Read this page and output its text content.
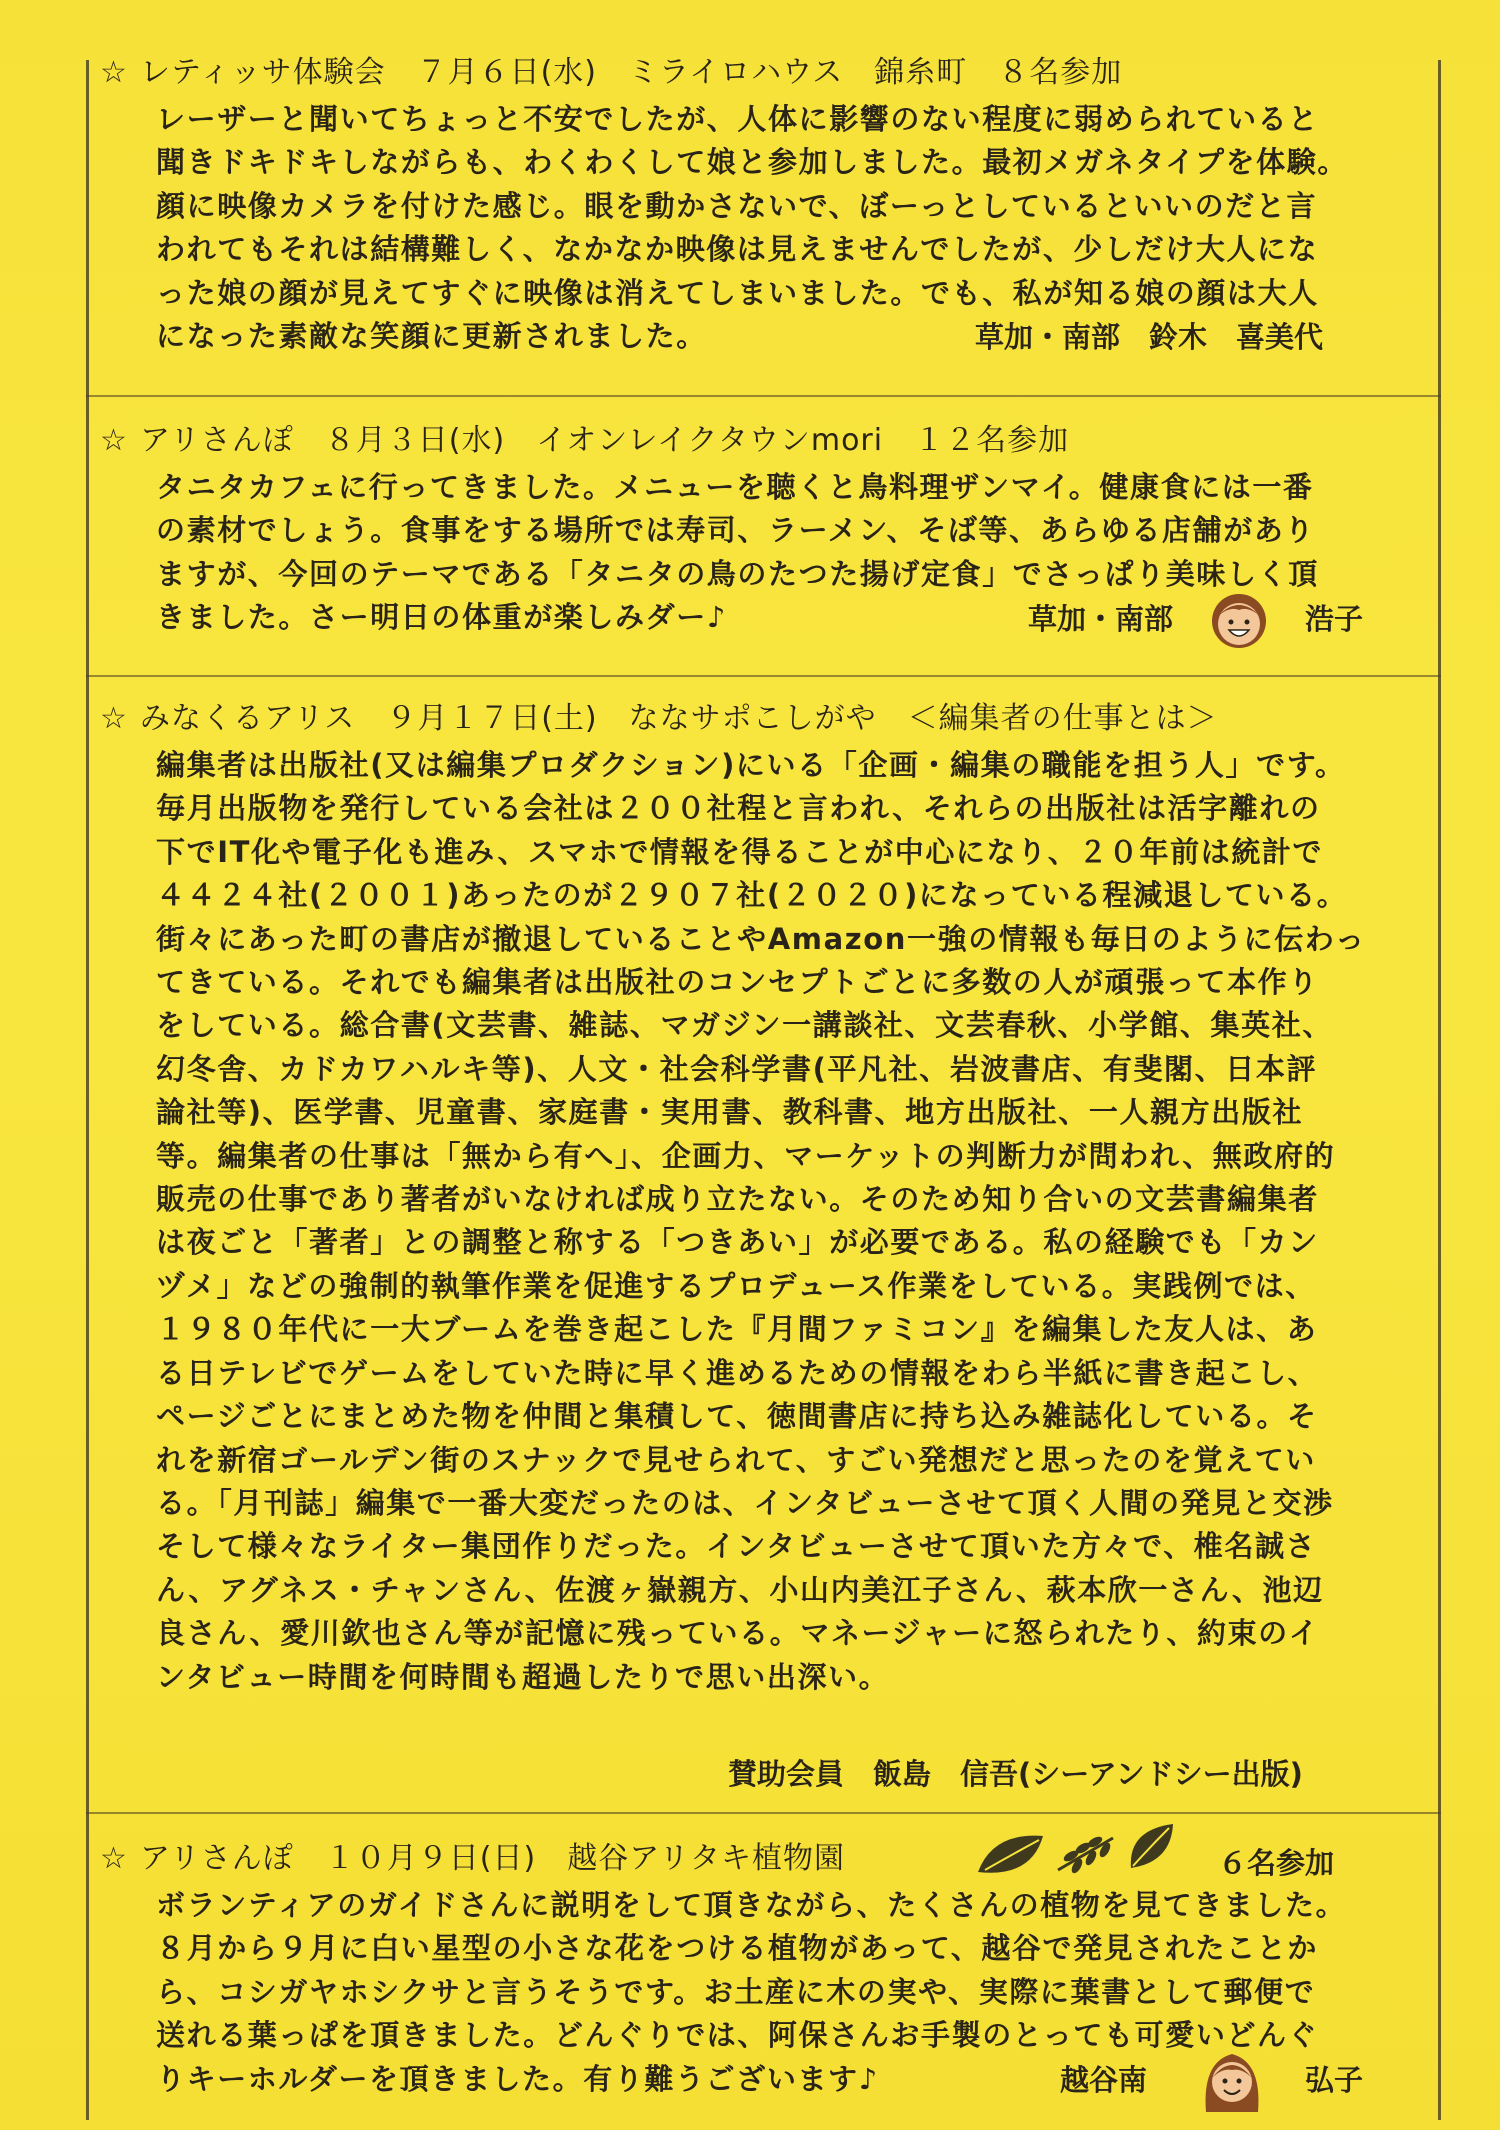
☆ レティッサ体験会　７月６日(水)　ミライロハウス　錦糸町　８名参加
レーザーと聞いてちょっと不安でしたが、人体に影響のない程度に弱められていると
聞きドキドキしながらも、わくわくして娘と参加しました。最初メガネタイプを体験。
顔に映像カメラを付けた感じ。眼を動かさないで、ぼーっとしているといいのだと言
われてもそれは結構難しく、なかなか映像は見えませんでしたが、少しだけ大人にな
った娘の顔が見えてすぐに映像は消えてしまいました。でも、私が知る娘の顔は大人
になった素敵な笑顔に更新されました。	草加・南部　鈴木　喜美代
☆ アリさんぽ　８月３日(水)　イオンレイクタウンmori　１２名参加
タニタカフェに行ってきました。メニューを聴くと鳥料理ザンマイ。健康食には一番
の素材でしょう。食事をする場所では寿司、ラーメン、そば等、あらゆる店舗があり
ますが、今回のテーマである「タニタの鳥のたつた揚げ定食」でさっぱり美味しく頂
きました。さー明日の体重が楽しみダー♪	草加・南部	浩子
☆ みなくるアリス　９月１７日(土)　ななサポこしがや　＜編集者の仕事とは＞
編集者は出版社(又は編集プロダクション)にいる「企画・編集の職能を担う人」です。
毎月出版物を発行している会社は２００社程と言われ、それらの出版社は活字離れの
下でIT化や電子化も進み、スマホで情報を得ることが中心になり、２０年前は統計で
４４２４社(２００１)あったのが２９０７社(２０２０)になっている程減退している。
街々にあった町の書店が撤退していることやAmazon一強の情報も毎日のように伝わっ
てきている。それでも編集者は出版社のコンセプトごとに多数の人が頑張って本作り
をしている。総合書(文芸書、雑誌、マガジン一講談社、文芸春秋、小学館、集英社、
幻冬舎、カドカワハルキ等)、人文・社会科学書(平凡社、岩波書店、有斐閣、日本評
論社等)、医学書、児童書、家庭書・実用書、教科書、地方出版社、一人親方出版社
等。編集者の仕事は「無から有へ」、企画力、マーケットの判断力が問われ、無政府的
販売の仕事であり著者がいなければ成り立たない。そのため知り合いの文芸書編集者
は夜ごと「著者」との調整と称する「つきあい」が必要である。私の経験でも「カン
ヅメ」などの強制的執筆作業を促進するプロデュース作業をしている。実践例では、
１９８０年代に一大ブームを巻き起こした『月間ファミコン』を編集した友人は、あ
る日テレビでゲームをしていた時に早く進めるための情報をわら半紙に書き起こし、
ページごとにまとめた物を仲間と集積して、徳間書店に持ち込み雑誌化している。そ
れを新宿ゴールデン街のスナックで見せられて、すごい発想だと思ったのを覚えてい
る。「月刊誌」編集で一番大変だったのは、インタビューさせて頂く人間の発見と交渉
そして様々なライター集団作りだった。インタビューさせて頂いた方々で、椎名誠さ
ん、アグネス・チャンさん、佐渡ヶ嶽親方、小山内美江子さん、萩本欣一さん、池辺
良さん、愛川欽也さん等が記憶に残っている。マネージャーに怒られたり、約束のイ
ンタビュー時間を何時間も超過したりで思い出深い。
賛助会員　飯島　信吾(シーアンドシー出版)
☆ アリさんぽ　１０月９日(日)　越谷アリタキ植物園	６名参加
ボランティアのガイドさんに説明をして頂きながら、たくさんの植物を見てきました。
８月から９月に白い星型の小さな花をつける植物があって、越谷で発見されたことか
ら、コシガヤホシクサと言うそうです。お土産に木の実や、実際に葉書として郵便で
送れる葉っぱを頂きました。どんぐりでは、阿保さんお手製のとっても可愛いどんぐ
りキーホルダーを頂きました。有り難うございます♪	越谷南	弘子
